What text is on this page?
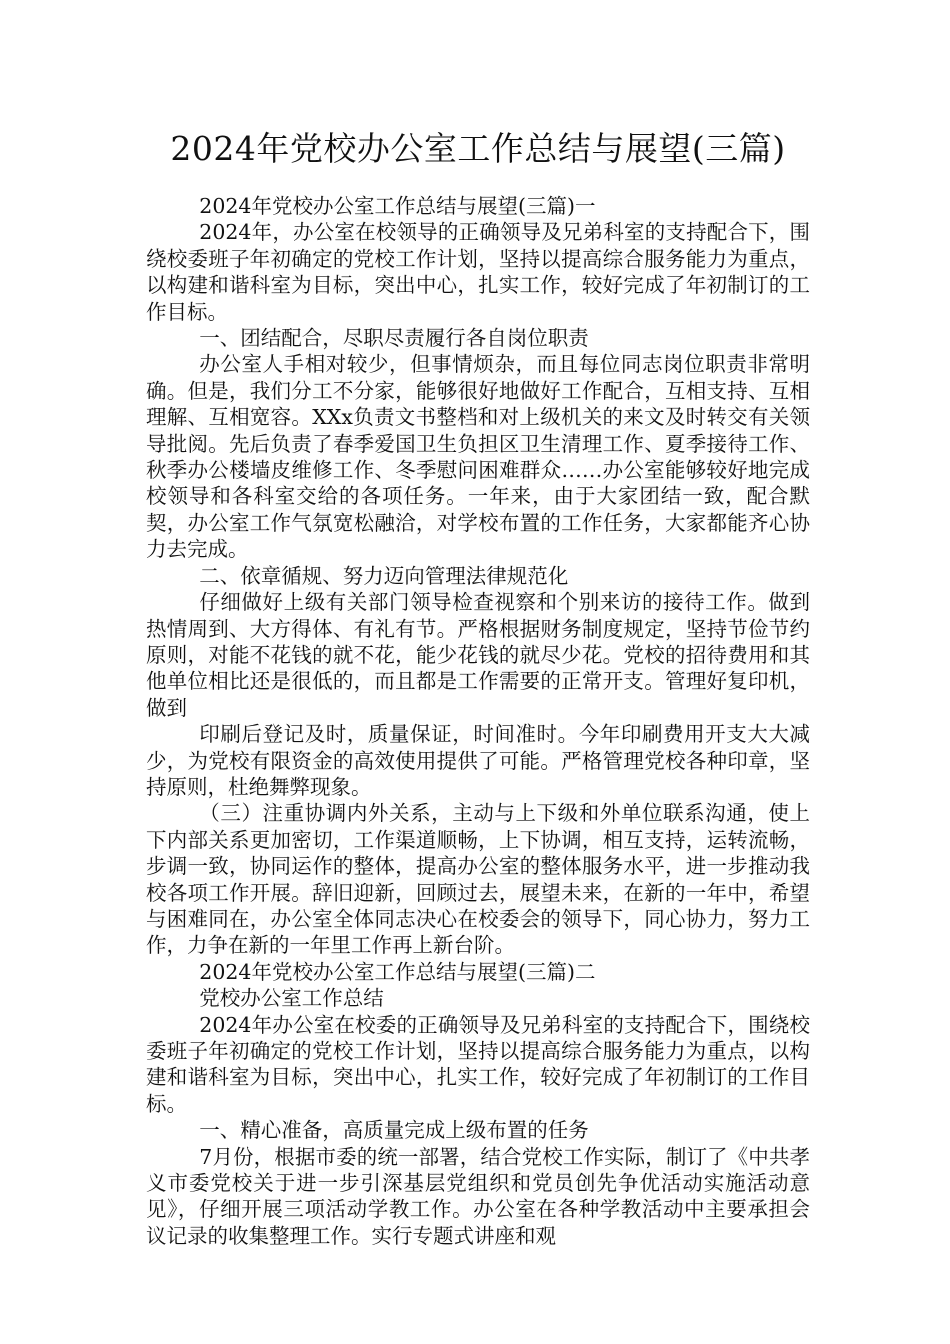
2024年党校办公室工作总结与展望(三篇)

2024年党校办公室工作总结与展望(三篇)一

2024年，办公室在校领导的正确领导及兄弟科室的支持配合下，围绕校委班子年初确定的党校工作计划，坚持以提高综合服务能力为重点，以构建和谐科室为目标，突出中心，扎实工作，较好完成了年初制订的工作目标。

一、团结配合，尽职尽责履行各自岗位职责

办公室人手相对较少，但事情烦杂，而且每位同志岗位职责非常明确。但是，我们分工不分家，能够很好地做好工作配合，互相支持、互相理解、互相宽容。XXx负责文书整档和对上级机关的来文及时转交有关领导批阅。先后负责了春季爱国卫生负担区卫生清理工作、夏季接待工作、秋季办公楼墙皮维修工作、冬季慰问困难群众……办公室能够较好地完成校领导和各科室交给的各项任务。一年来，由于大家团结一致，配合默契，办公室工作气氛宽松融洽，对学校布置的工作任务，大家都能齐心协力去完成。

二、依章循规、努力迈向管理法律规范化

仔细做好上级有关部门领导检查视察和个别来访的接待工作。做到热情周到、大方得体、有礼有节。严格根据财务制度规定，坚持节俭节约原则，对能不花钱的就不花，能少花钱的就尽少花。党校的招待费用和其他单位相比还是很低的，而且都是工作需要的正常开支。管理好复印机，做到

印刷后登记及时，质量保证，时间准时。今年印刷费用开支大大减少，为党校有限资金的高效使用提供了可能。严格管理党校各种印章，坚持原则，杜绝舞弊现象。

（三）注重协调内外关系，主动与上下级和外单位联系沟通，使上下内部关系更加密切，工作渠道顺畅，上下协调，相互支持，运转流畅，步调一致，协同运作的整体，提高办公室的整体服务水平，进一步推动我校各项工作开展。辞旧迎新，回顾过去，展望未来，在新的一年中，希望与困难同在，办公室全体同志决心在校委会的领导下，同心协力，努力工作，力争在新的一年里工作再上新台阶。

2024年党校办公室工作总结与展望(三篇)二

党校办公室工作总结

2024年办公室在校委的正确领导及兄弟科室的支持配合下，围绕校委班子年初确定的党校工作计划，坚持以提高综合服务能力为重点，以构建和谐科室为目标，突出中心，扎实工作，较好完成了年初制订的工作目标。

一、精心准备，高质量完成上级布置的任务

7月份，根据市委的统一部署，结合党校工作实际，制订了《中共孝义市委党校关于进一步引深基层党组织和党员创先争优活动实施活动意见》，仔细开展三项活动学教工作。办公室在各种学教活动中主要承担会议记录的收集整理工作。实行专题式讲座和观
